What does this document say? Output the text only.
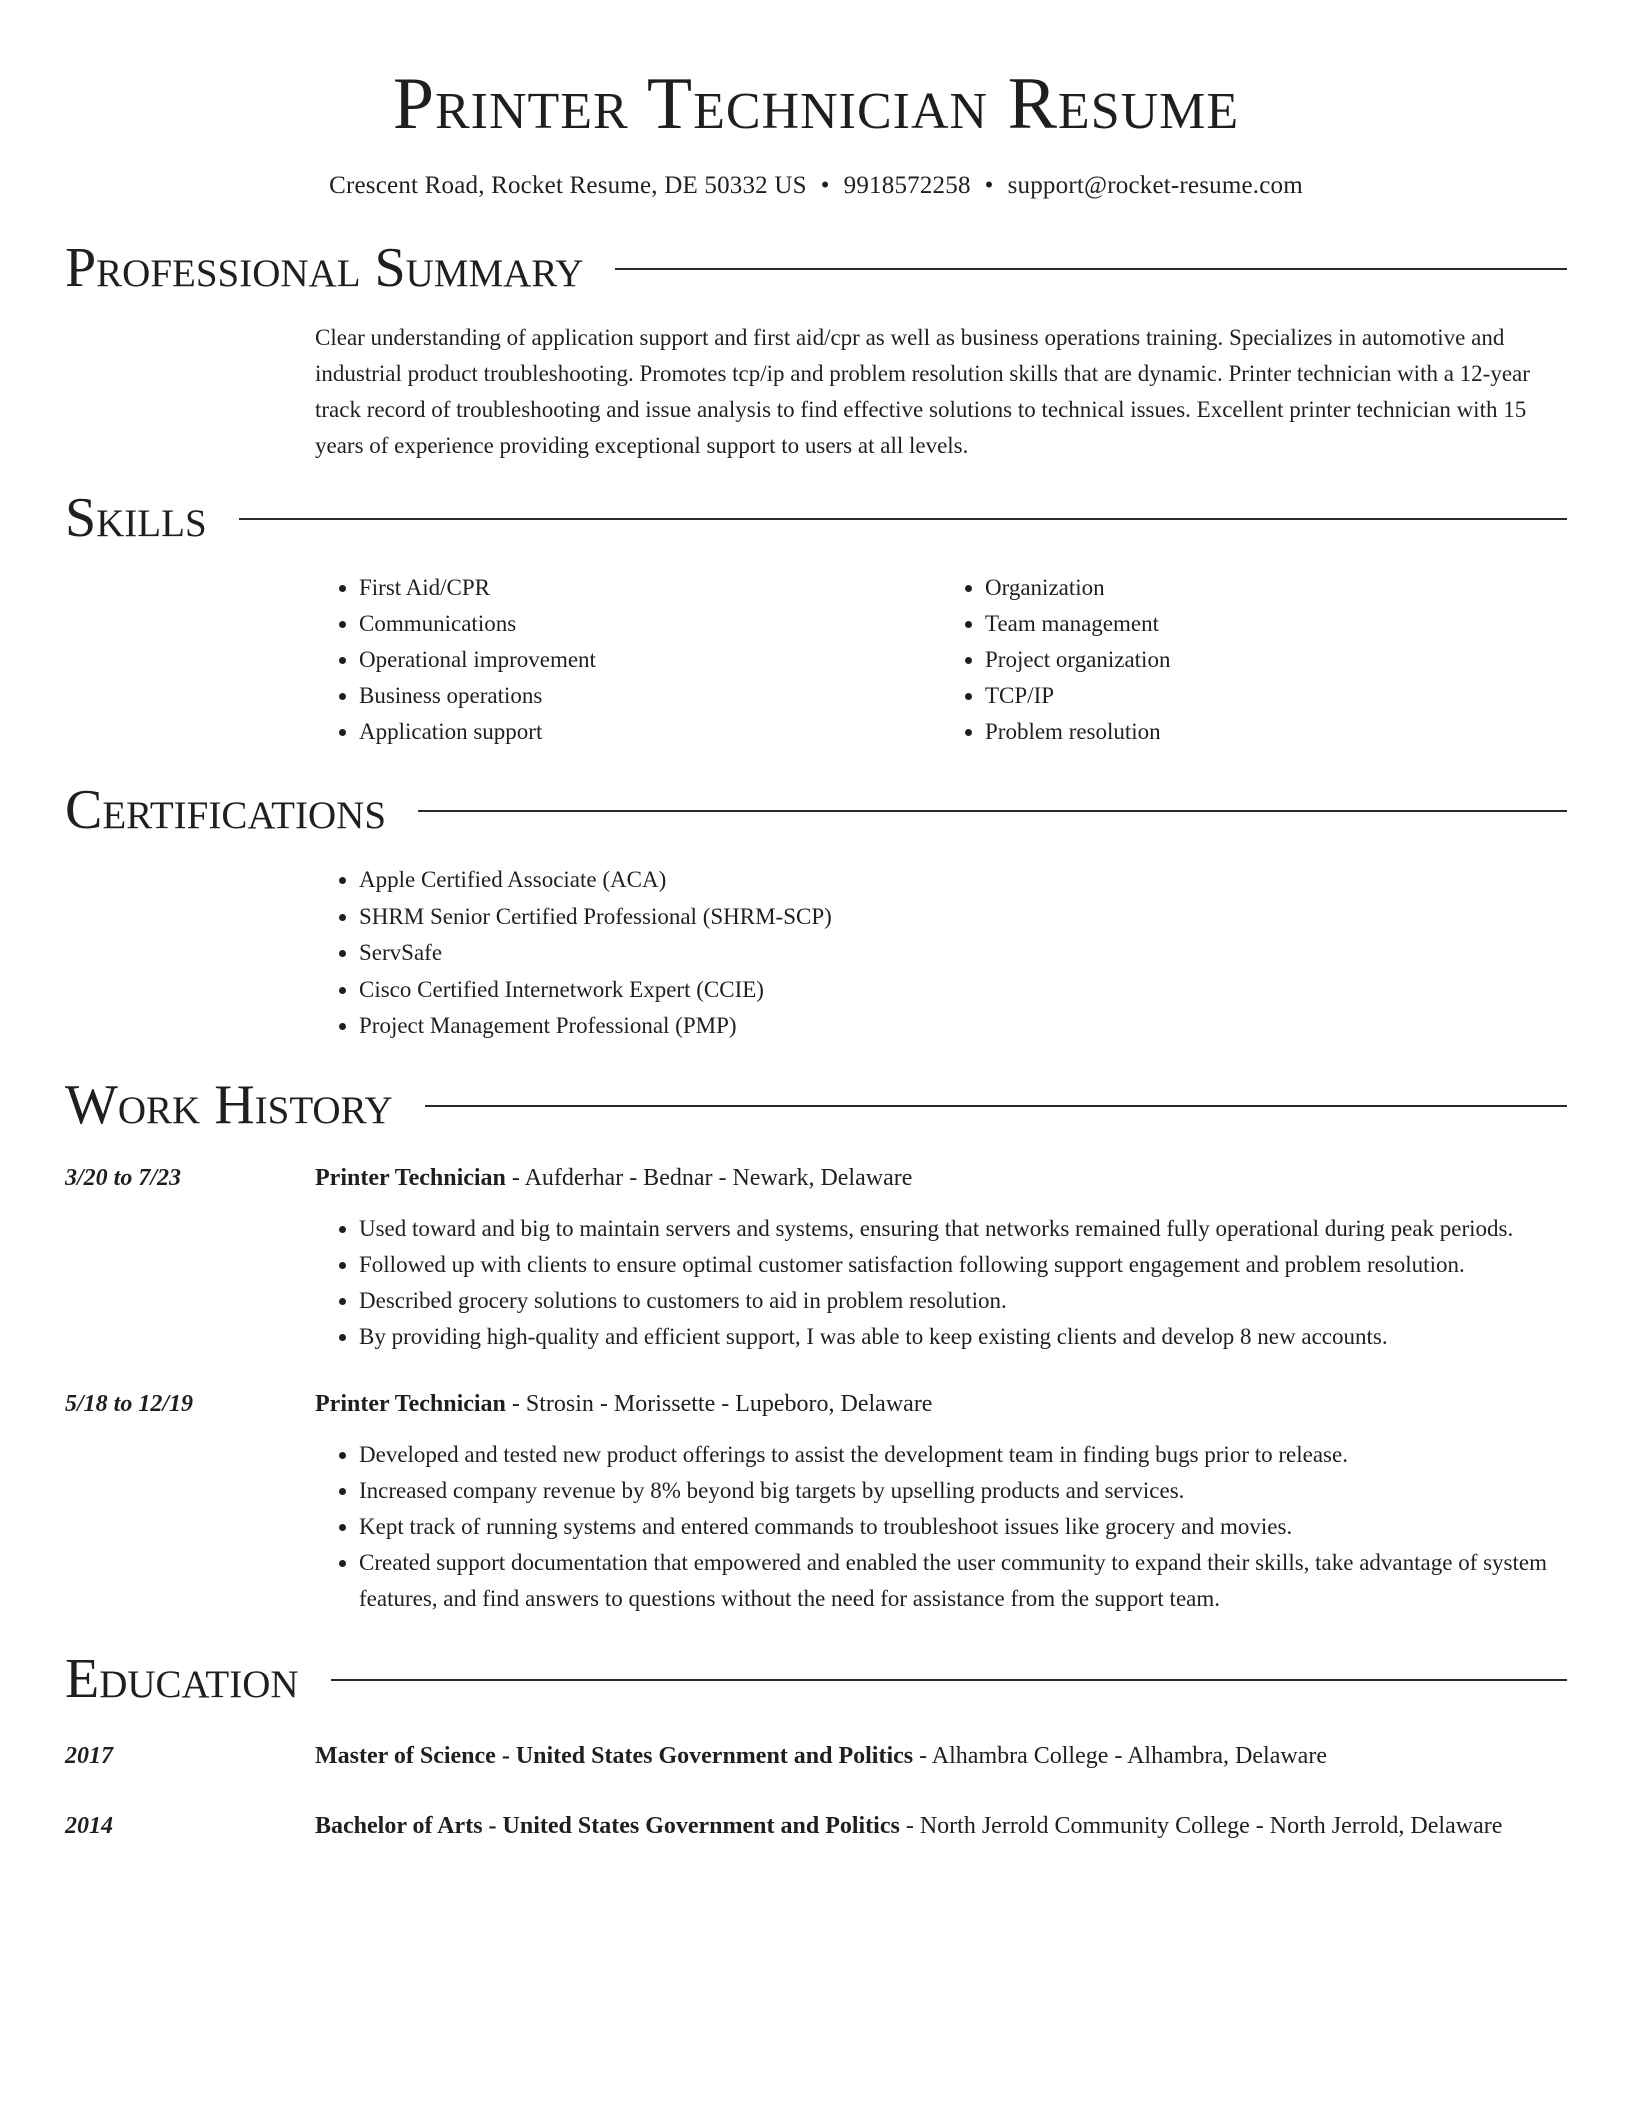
Printer Technician Resume
Crescent Road, Rocket Resume, DE 50332 US • 9918572258 • support@rocket-resume.com
Professional Summary
Clear understanding of application support and first aid/cpr as well as business operations training. Specializes in automotive and industrial product troubleshooting. Promotes tcp/ip and problem resolution skills that are dynamic. Printer technician with a 12-year track record of troubleshooting and issue analysis to find effective solutions to technical issues. Excellent printer technician with 15 years of experience providing exceptional support to users at all levels.
Skills
• First Aid/CPR
• Communications
• Operational improvement
• Business operations
• Application support
• Organization
• Team management
• Project organization
• TCP/IP
• Problem resolution
Certifications
• Apple Certified Associate (ACA)
• SHRM Senior Certified Professional (SHRM-SCP)
• ServSafe
• Cisco Certified Internetwork Expert (CCIE)
• Project Management Professional (PMP)
Work History
3/20 to 7/23	Printer Technician - Aufderhar - Bednar - Newark, Delaware
• Used toward and big to maintain servers and systems, ensuring that networks remained fully operational during peak periods.
• Followed up with clients to ensure optimal customer satisfaction following support engagement and problem resolution.
• Described grocery solutions to customers to aid in problem resolution.
• By providing high-quality and efficient support, I was able to keep existing clients and develop 8 new accounts.
5/18 to 12/19	Printer Technician - Strosin - Morissette - Lupeboro, Delaware
• Developed and tested new product offerings to assist the development team in finding bugs prior to release.
• Increased company revenue by 8% beyond big targets by upselling products and services.
• Kept track of running systems and entered commands to troubleshoot issues like grocery and movies.
• Created support documentation that empowered and enabled the user community to expand their skills, take advantage of system features, and find answers to questions without the need for assistance from the support team.
Education
2017	Master of Science - United States Government and Politics - Alhambra College - Alhambra, Delaware
2014	Bachelor of Arts - United States Government and Politics - North Jerrold Community College - North Jerrold, Delaware
